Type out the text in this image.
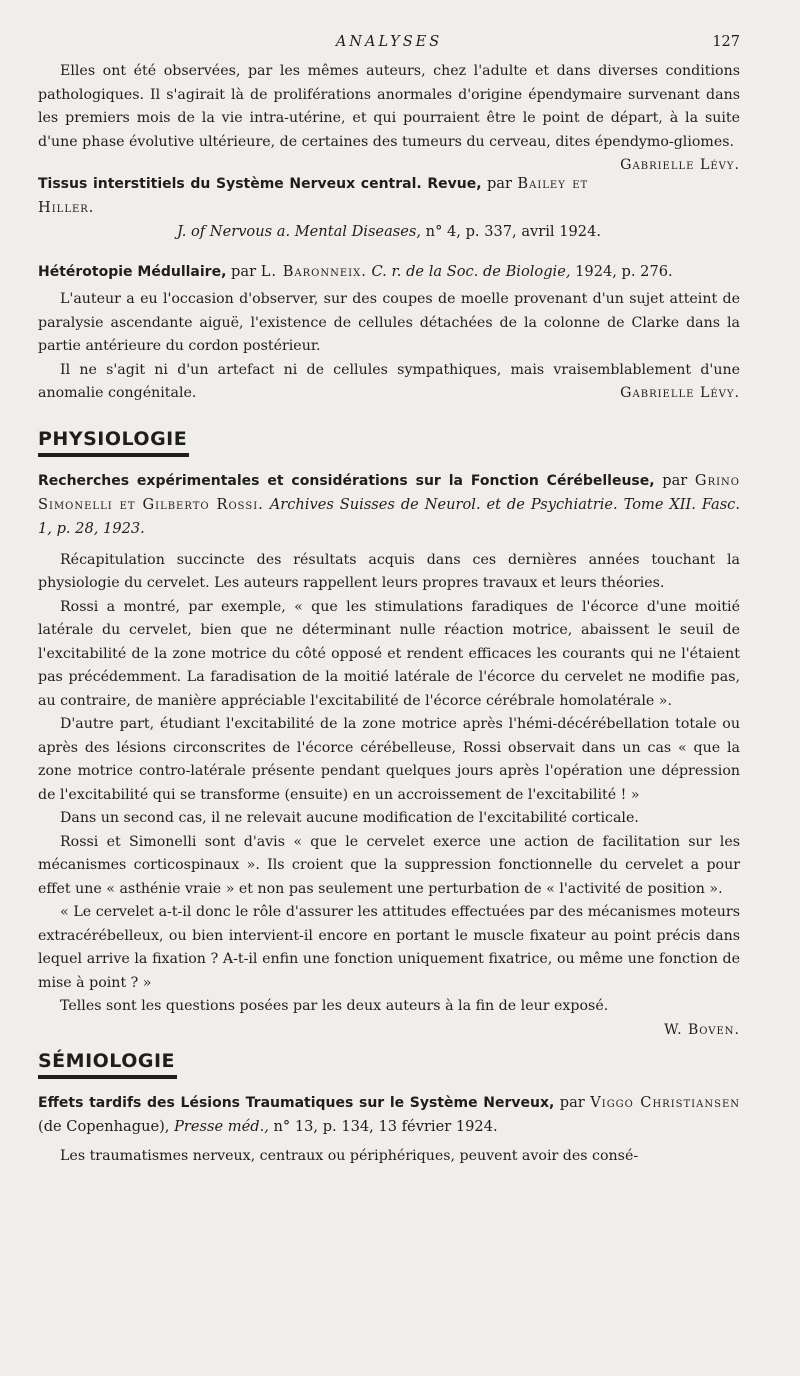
ANALYSES	127

Elles ont été observées, par les mêmes auteurs, chez l'adulte et dans diverses conditions pathologiques. Il s'agirait là de proliférations anormales d'origine épendymaire survenant dans les premiers mois de la vie intra-utérine, et qui pourraient être le point de départ, à la suite d'une phase évolutive ultérieure, de certaines des tumeurs du cerveau, dites épendymo-gliomes.
Gabrielle Lévy.

Tissus interstitiels du Système Nerveux central. Revue, par Bailey et Hiller.
J. of Nervous a. Mental Diseases, n° 4, p. 337, avril 1924.
Hétérotopie Médullaire, par L. Baronneix. C. r. de la Soc. de Biologie, 1924, p. 276.

L'auteur a eu l'occasion d'observer, sur des coupes de moelle provenant d'un sujet atteint de paralysie ascendante aiguë, l'existence de cellules détachées de la colonne de Clarke dans la partie antérieure du cordon postérieur.

Il ne s'agit ni d'un artefact ni de cellules sympathiques, mais vraisemblablement d'une anomalie congénitale.	Gabrielle Lévy.

PHYSIOLOGIE
Recherches expérimentales et considérations sur la Fonction Cérébelleuse, par Grino Simonelli et Gilberto Rossi. Archives Suisses de Neurol. et de Psychiatrie. Tome XII. Fasc. 1, p. 28, 1923.

Récapitulation succincte des résultats acquis dans ces dernières années touchant la physiologie du cervelet. Les auteurs rappellent leurs propres travaux et leurs théories.

Rossi a montré, par exemple, « que les stimulations faradiques de l'écorce d'une moitié latérale du cervelet, bien que ne déterminant nulle réaction motrice, abaissent le seuil de l'excitabilité de la zone motrice du côté opposé et rendent efficaces les courants qui ne l'étaient pas précédemment. La faradisation de la moitié latérale de l'écorce du cervelet ne modifie pas, au contraire, de manière appréciable l'excitabilité de l'écorce cérébrale homolatérale ».

D'autre part, étudiant l'excitabilité de la zone motrice après l'hémi-décérébellation totale ou après des lésions circonscrites de l'écorce cérébelleuse, Rossi observait dans un cas « que la zone motrice contro-latérale présente pendant quelques jours après l'opération une dépression de l'excitabilité qui se transforme (ensuite) en un accroissement de l'excitabilité ! »

Dans un second cas, il ne relevait aucune modification de l'excitabilité corticale.

Rossi et Simonelli sont d'avis « que le cervelet exerce une action de facilitation sur les mécanismes corticospinaux ». Ils croient que la suppression fonctionnelle du cervelet a pour effet une « asthénie vraie » et non pas seulement une perturbation de « l'activité de position ».

« Le cervelet a-t-il donc le rôle d'assurer les attitudes effectuées par des mécanismes moteurs extracérébelleux, ou bien intervient-il encore en portant le muscle fixateur au point précis dans lequel arrive la fixation ? A-t-il enfin une fonction uniquement fixatrice, ou même une fonction de mise à point ? »

Telles sont les questions posées par les deux auteurs à la fin de leur exposé.

W. Boven.

SÉMIOLOGIE
Effets tardifs des Lésions Traumatiques sur le Système Nerveux, par Viggo Christiansen (de Copenhague), Presse méd., n° 13, p. 134, 13 février 1924.

Les traumatismes nerveux, centraux ou périphériques, peuvent avoir des consé-
